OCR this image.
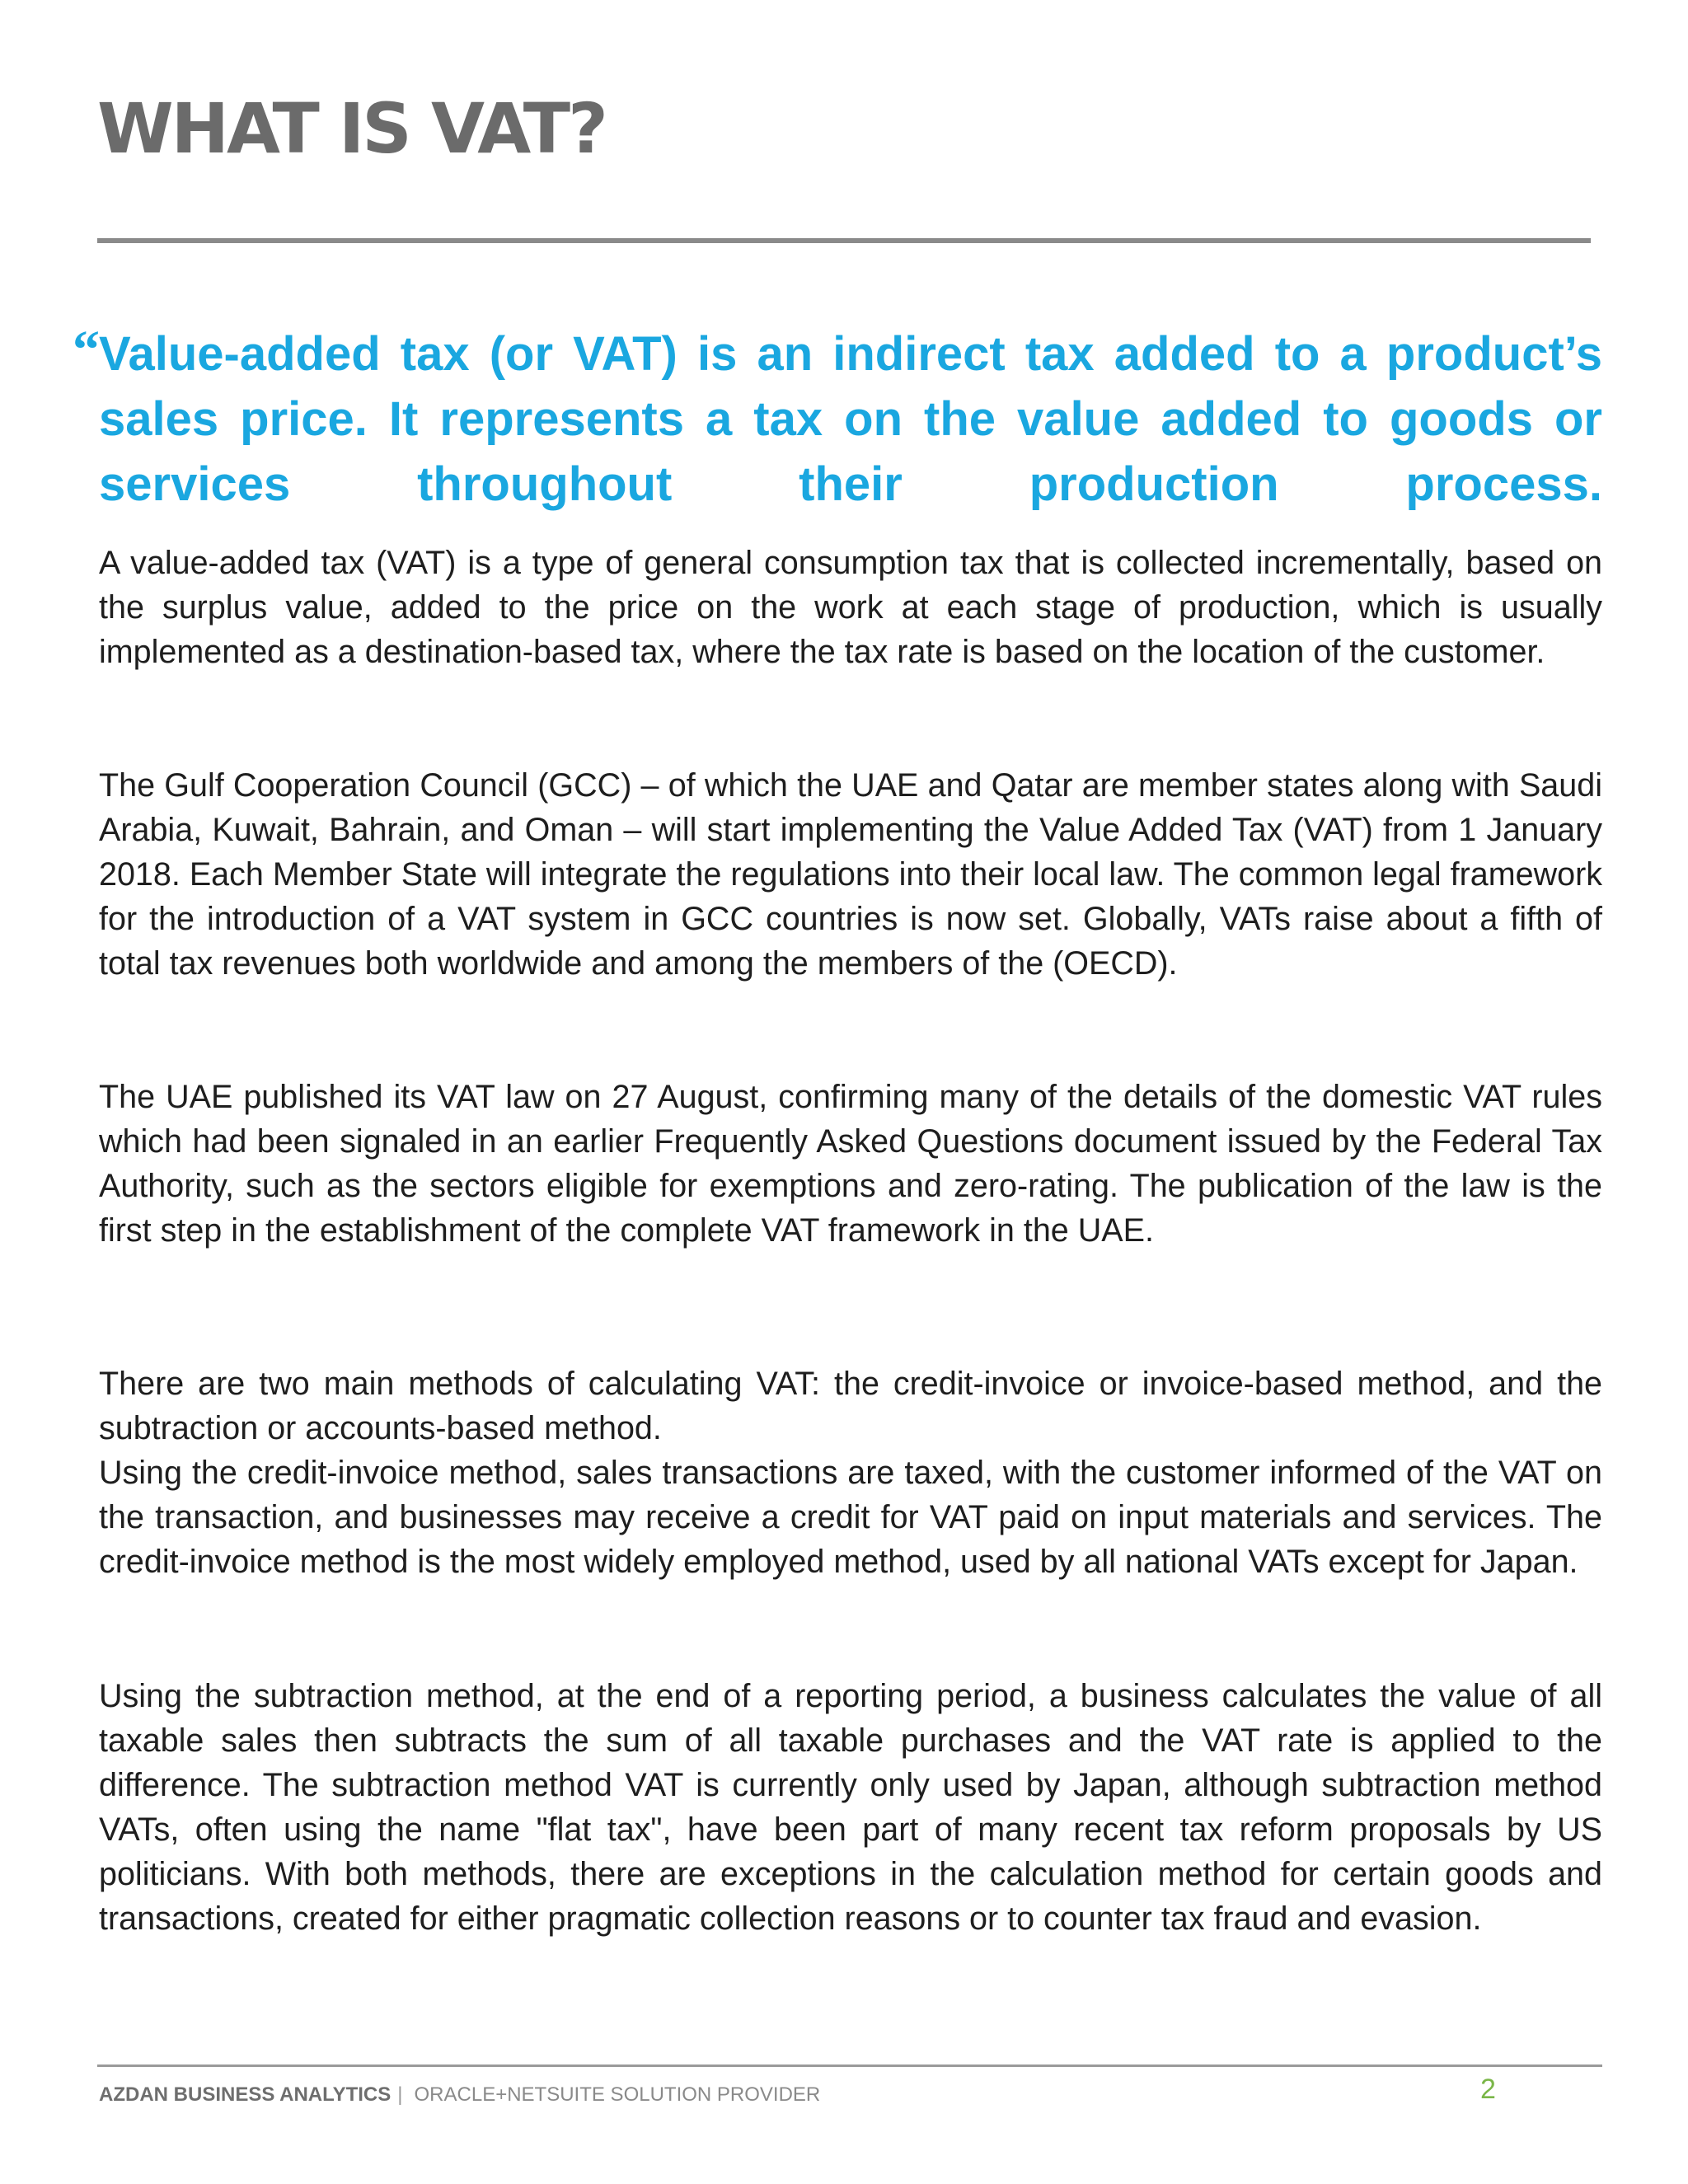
WHAT IS VAT?
“ Value-added tax (or VAT) is an indirect tax added to a product’s sales price. It represents a tax on the value added to goods or services throughout their production process.

A value-added tax (VAT) is a type of general consumption tax that is collected incrementally, based on the surplus value, added to the price on the work at each stage of production, which is usually implemented as a destination-based tax, where the tax rate is based on the location of the customer.

The Gulf Cooperation Council (GCC) – of which the UAE and Qatar are member states along with Saudi Arabia, Kuwait, Bahrain, and Oman – will start implementing the Value Added Tax (VAT) from 1 January 2018. Each Member State will integrate the regulations into their local law. The common legal framework for the introduction of a VAT system in GCC countries is now set. Globally, VATs raise about a fifth of total tax revenues both worldwide and among the members of the (OECD).

The UAE published its VAT law on 27 August, confirming many of the details of the domestic VAT rules which had been signaled in an earlier Frequently Asked Questions document issued by the Federal Tax Authority, such as the sectors eligible for exemptions and zero-rating. The publication of the law is the first step in the establishment of the complete VAT framework in the UAE.

There are two main methods of calculating VAT: the credit-invoice or invoice-based method, and the subtraction or accounts-based method.

Using the credit-invoice method, sales transactions are taxed, with the customer informed of the VAT on the transaction, and businesses may receive a credit for VAT paid on input materials and services. The credit-invoice method is the most widely employed method, used by all national VATs except for Japan.

Using the subtraction method, at the end of a reporting period, a business calculates the value of all taxable sales then subtracts the sum of all taxable purchases and the VAT rate is applied to the difference. The subtraction method VAT is currently only used by Japan, although subtraction method VATs, often using the name "flat tax", have been part of many recent tax reform proposals by US politicians. With both methods, there are exceptions in the calculation method for certain goods and transactions, created for either pragmatic collection reasons or to counter tax fraud and evasion.

AZDAN BUSINESS ANALYTICS | ORACLE+NETSUITE SOLUTION PROVIDER	2
